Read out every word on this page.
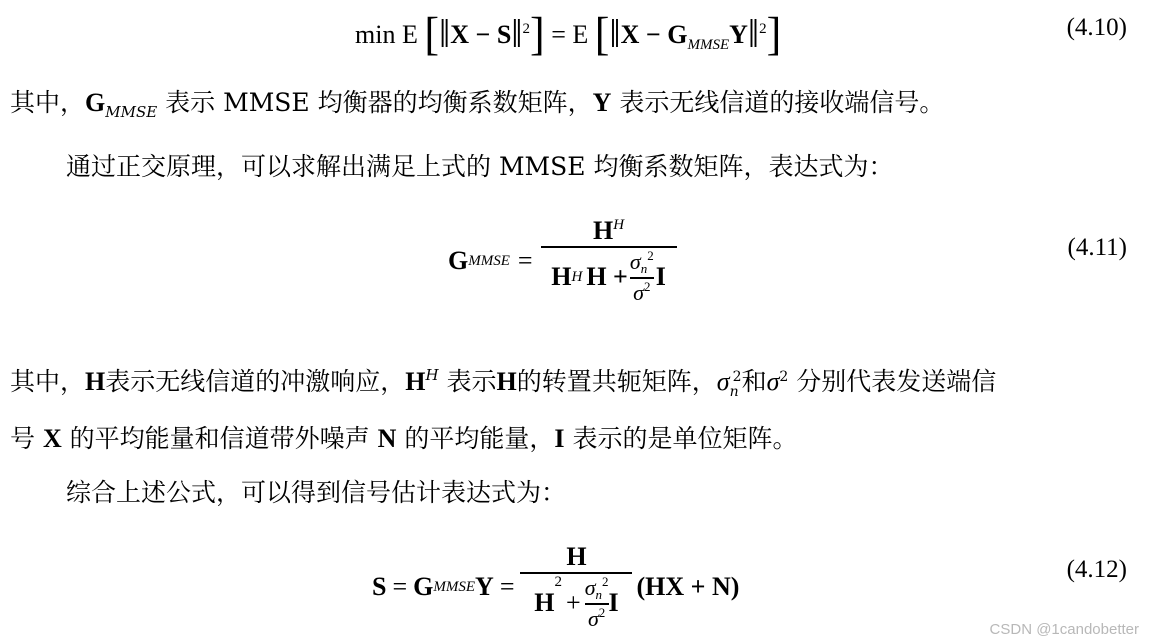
min E [‖X − S‖$^2$] = E [‖X − $G_{MMSE}Y‖^2$]	(4.10)
其中，$G_{MMSE}$ 表示 MMSE 均衡器的均衡系数矩阵，Y 表示无线信道的接收端信号。
通过正交原理，可以求解出满足上式的 MMSE 均衡系数矩阵，表达式为：
G MMSE =
$H^H$
H H $H + \frac{\sigma n^2}{\sigma^2}$ I
(4.11)
其中，H表示无线信道的冲激响应，$H^H$ 表示H的转置共轭矩阵，$\sigma_n^2$和$\sigma^2$ 分别代表发送端信
号 X 的平均能量和信道带外噪声 N 的平均能量，I 表示的是单位矩阵。
综合上述公式，可以得到信号估计表达式为：
S = G MMSE Y =
H
H
2
+ $\frac{\sigma n^2}{\sigma^2}$ I
(HX + N)
(4.12)
CSDN @1candobetter
